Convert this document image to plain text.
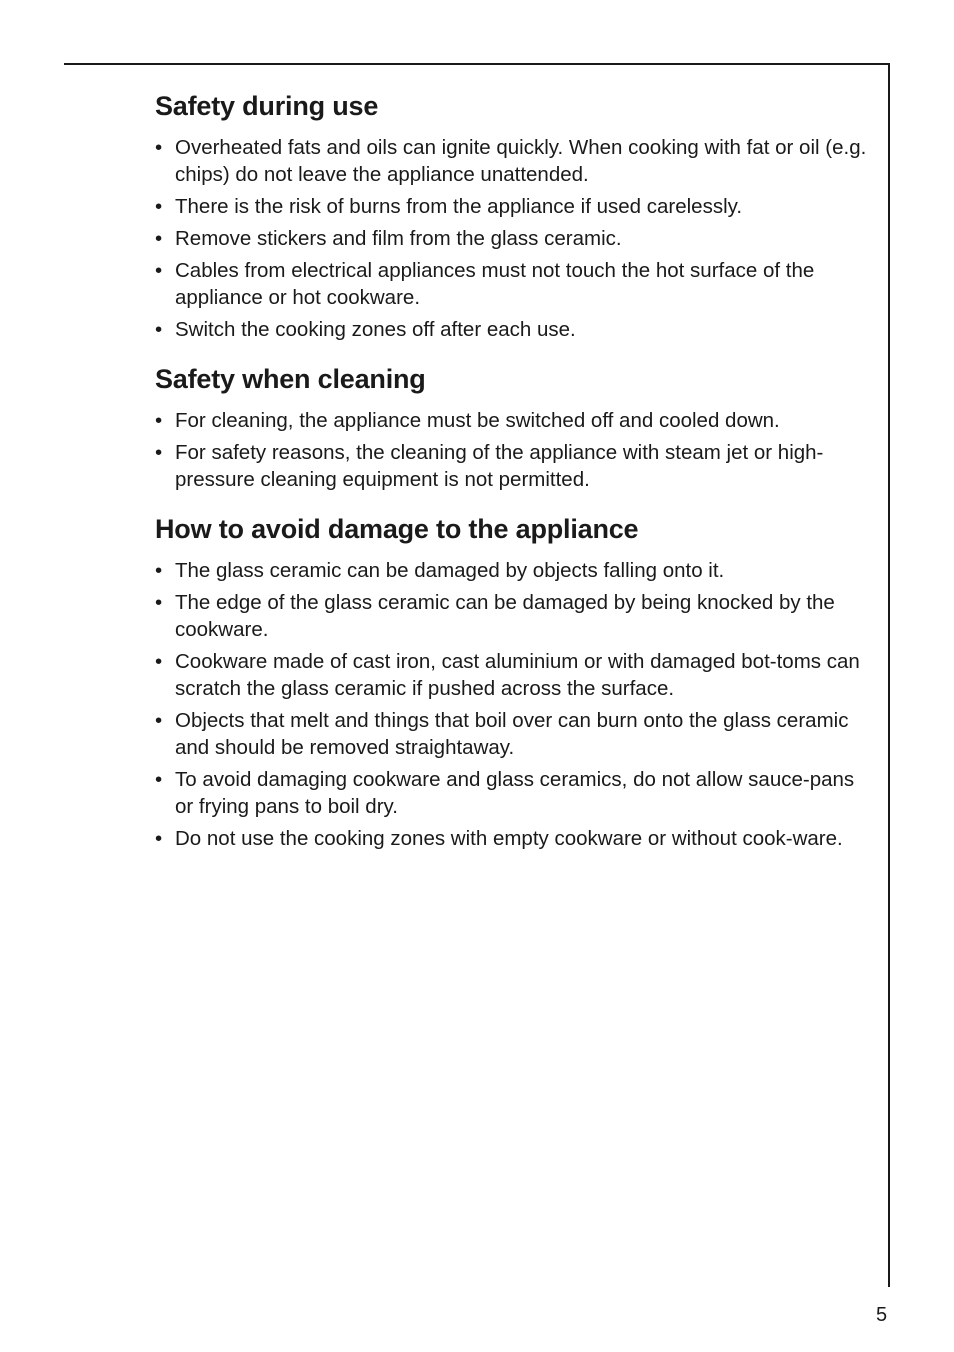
Safety during use
• Overheated fats and oils can ignite quickly. When cooking with fat or oil (e.g. chips) do not leave the appliance unattended.
• There is the risk of burns from the appliance if used carelessly.
• Remove stickers and film from the glass ceramic.
• Cables from electrical appliances must not touch the hot surface of the appliance or hot cookware.
• Switch the cooking zones off after each use.
Safety when cleaning
• For cleaning, the appliance must be switched off and cooled down.
• For safety reasons, the cleaning of the appliance with steam jet or high-pressure cleaning equipment is not permitted.
How to avoid damage to the appliance
• The glass ceramic can be damaged by objects falling onto it.
• The edge of the glass ceramic can be damaged by being knocked by the cookware.
• Cookware made of cast iron, cast aluminium or with damaged bot-toms can scratch the glass ceramic if pushed across the surface.
• Objects that melt and things that boil over can burn onto the glass ceramic and should be removed straightaway.
• To avoid damaging cookware and glass ceramics, do not allow sauce-pans or frying pans to boil dry.
• Do not use the cooking zones with empty cookware or without cook-ware.
5
